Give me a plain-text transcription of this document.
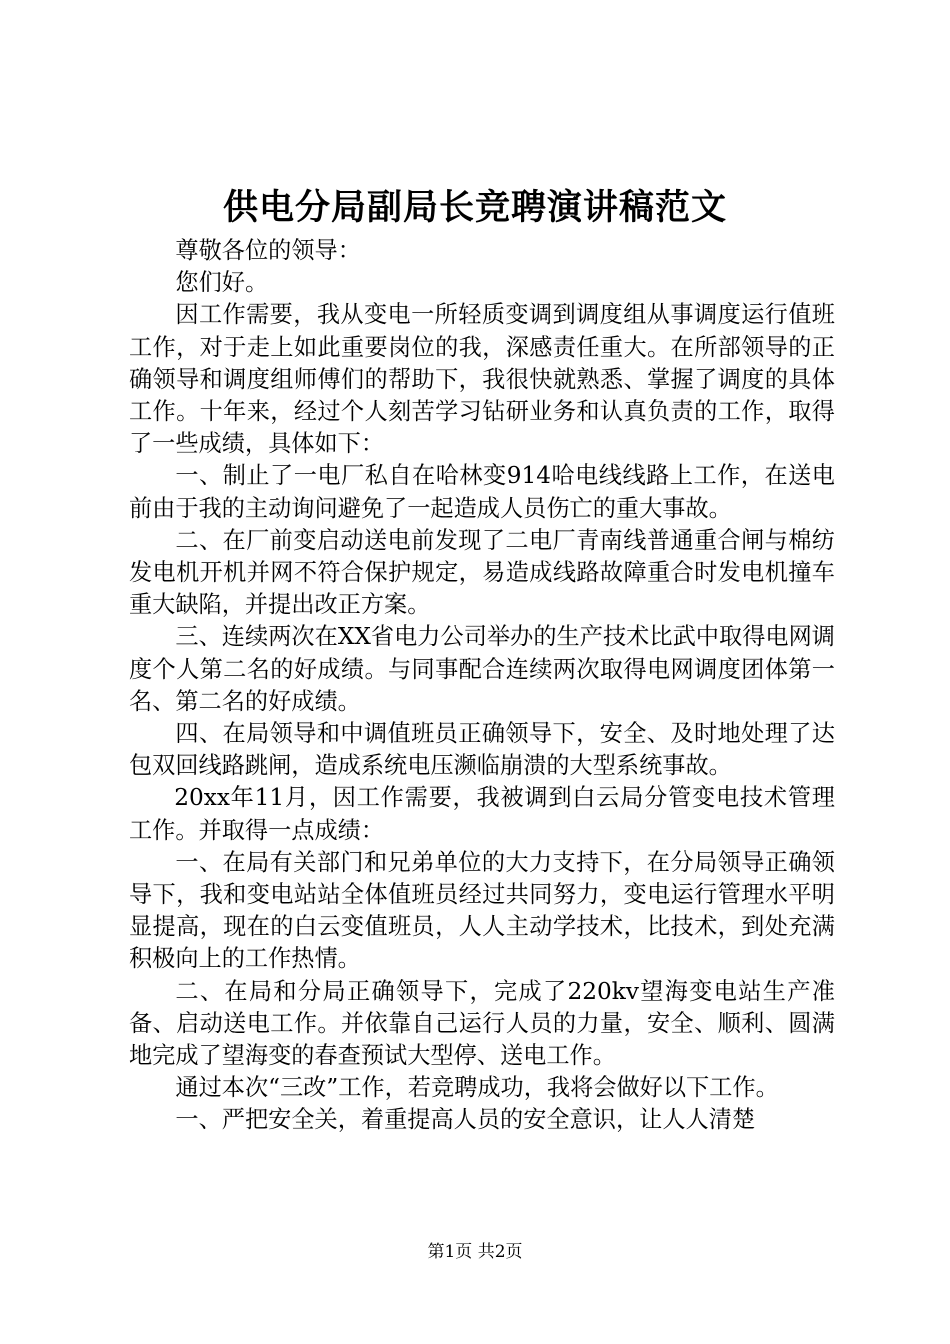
供电分局副局长竞聘演讲稿范文

尊敬各位的领导：

您们好。

因工作需要，我从变电一所轻质变调到调度组从事调度运行值班工作，对于走上如此重要岗位的我，深感责任重大。在所部领导的正确领导和调度组师傅们的帮助下，我很快就熟悉、掌握了调度的具体工作。十年来，经过个人刻苦学习钻研业务和认真负责的工作，取得了一些成绩，具体如下：

一、制止了一电厂私自在哈林变914哈电线线路上工作，在送电前由于我的主动询问避免了一起造成人员伤亡的重大事故。

二、在厂前变启动送电前发现了二电厂青南线普通重合闸与棉纺发电机开机并网不符合保护规定，易造成线路故障重合时发电机撞车重大缺陷，并提出改正方案。

三、连续两次在XX省电力公司举办的生产技术比武中取得电网调度个人第二名的好成绩。与同事配合连续两次取得电网调度团体第一名、第二名的好成绩。

四、在局领导和中调值班员正确领导下，安全、及时地处理了达包双回线路跳闸，造成系统电压濒临崩溃的大型系统事故。

20xx年11月，因工作需要，我被调到白云局分管变电技术管理工作。并取得一点成绩：

一、在局有关部门和兄弟单位的大力支持下，在分局领导正确领导下，我和变电站站全体值班员经过共同努力，变电运行管理水平明显提高，现在的白云变值班员，人人主动学技术，比技术，到处充满积极向上的工作热情。

二、在局和分局正确领导下，完成了220kv望海变电站生产准备、启动送电工作。并依靠自己运行人员的力量，安全、顺利、圆满地完成了望海变的春查预试大型停、送电工作。

通过本次“三改”工作，若竞聘成功，我将会做好以下工作。

一、严把安全关，着重提高人员的安全意识，让人人清楚

第1页 共2页
